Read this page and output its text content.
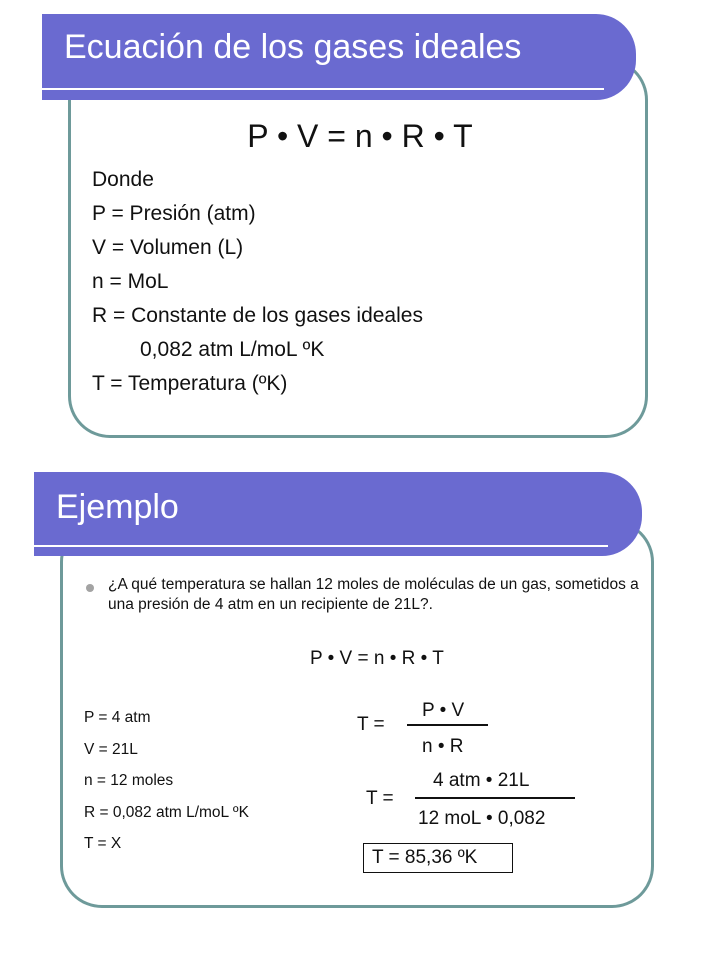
Ecuación de los gases ideales
P • V = n • R • T
Donde
P = Presión (atm)
V = Volumen (L)
n = MoL
R = Constante de los gases ideales
0,082 atm L/moL ºK
T = Temperatura (ºK)
Ejemplo
¿A qué temperatura se hallan 12 moles de moléculas de un gas, sometidos a una presión de 4 atm en un recipiente de 21L?.
P • V = n • R • T
P = 4 atm
V = 21L
n = 12 moles
R = 0,082 atm L/moL ºK
T = X
T =
P • V
n • R
T =
4 atm • 21L
12 moL • 0,082
T = 85,36 ºK
